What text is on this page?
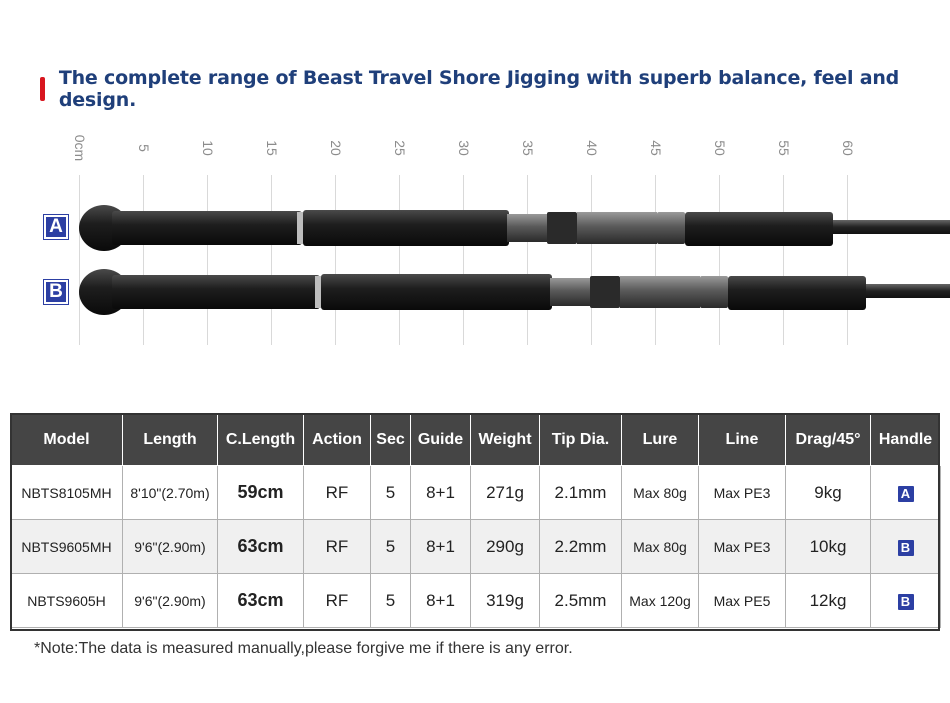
The complete range of Beast Travel Shore Jigging with superb balance, feel and design.
0cm	5	10	15	20	25	30	35	40	45	50	55	60
A
B
Model	Length	C.Length	Action	Sec	Guide	Weight	Tip Dia.	Lure	Line	Drag/45°	Handle
NBTS8105MH	8'10"(2.70m)	59cm	RF	5	8+1	271g	2.1mm	Max 80g	Max PE3	9kg	A
NBTS9605MH	9'6"(2.90m)	63cm	RF	5	8+1	290g	2.2mm	Max 80g	Max PE3	10kg	B
NBTS9605H	9'6"(2.90m)	63cm	RF	5	8+1	319g	2.5mm	Max 120g	Max PE5	12kg	B
*Note:The data is measured manually,please forgive me if there is any error.
